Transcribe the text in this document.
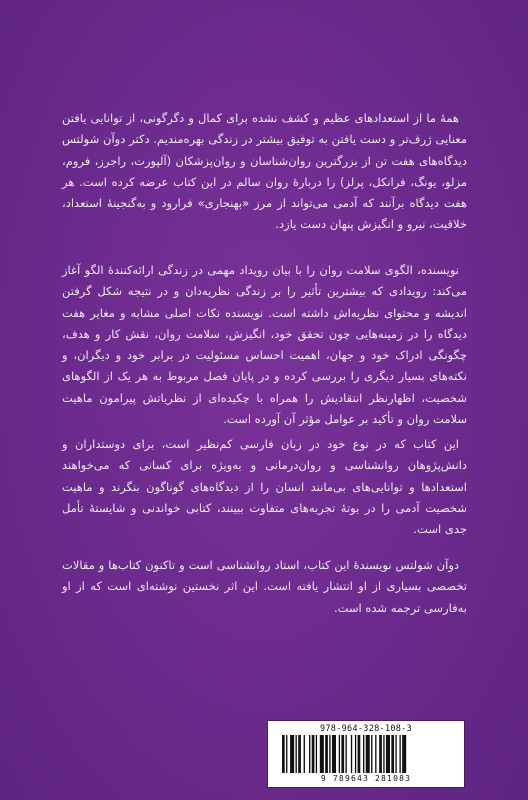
همهٔ ما از استعدادهای عظیم و کشف نشده برای کمال و دگرگونی، از توانایی یافتن معنایی ژرف‌تر و دست یافتن به توفیق بیشتر در زندگی بهره‌مندیم. دکتر دوآن شولتس دیدگاه‌های هفت تن از بزرگترین روان‌شناسان و روان‌پزشکان (آلپورت، راجرز، فروم، مزلو، یونگ، فرانکل، پرلز) را دربارهٔ روان سالم در این کتاب عرضه کرده است. هر هفت دیدگاه برآنند که آدمی می‌تواند از مرز «بهنجاری» فرارود و به‌گنجینهٔ استعداد، خلاقیت، نیرو و انگیزش پنهان دست یازد.

نویسنده، الگوی سلامت روان را با بیان رویداد مهمی در زندگی ارائه‌کنندهٔ الگو آغاز می‌کند: رویدادی که بیشترین تأثیر را بر زندگی نظریه‌دان و در نتیجه شکل گرفتن اندیشه و محتوای نظریه‌اش داشته است. نویسنده نکات اصلی مشابه و مغایر هفت دیدگاه را در زمینه‌هایی چون تحقق خود، انگیزش، سلامت روان، نقش کار و هدف، چگونگی ادراک خود و جهان، اهمیت احساس مسئولیت در برابر خود و دیگران، و نکته‌های بسیار دیگری را بررسی کرده و در پایان فصل مربوط به هر یک از الگوهای شخصیت، اظهارنظر انتقادیش را همراه با چکیده‌ای از نظریاتش پیرامون ماهیت سلامت روان و تأکید بر عوامل مؤثر آن آورده است.

این کتاب که در نوع خود در زبان فارسی کم‌نظیر است، برای دوستداران و دانش‌پژوهان روانشناسی و روان‌درمانی و به‌ویژه برای کسانی که می‌خواهند استعدادها و توانایی‌های بی‌مانند انسان را از دیدگاه‌های گوناگون بنگرند و ماهیت شخصیت آدمی را در بوتهٔ تجربه‌های متفاوت ببینند، کتابی خواندنی و شایستهٔ تأمل جدی است.

دوآن شولتس نویسندهٔ این کتاب، استاد روانشناسی است و تاکنون کتاب‌ها و مقالات تخصصی بسیاری از او انتشار یافته است. این اثر نخستین نوشته‌ای است که از او به‌فارسی ترجمه شده است.

978-964-328-108-3
9 789643 281083
